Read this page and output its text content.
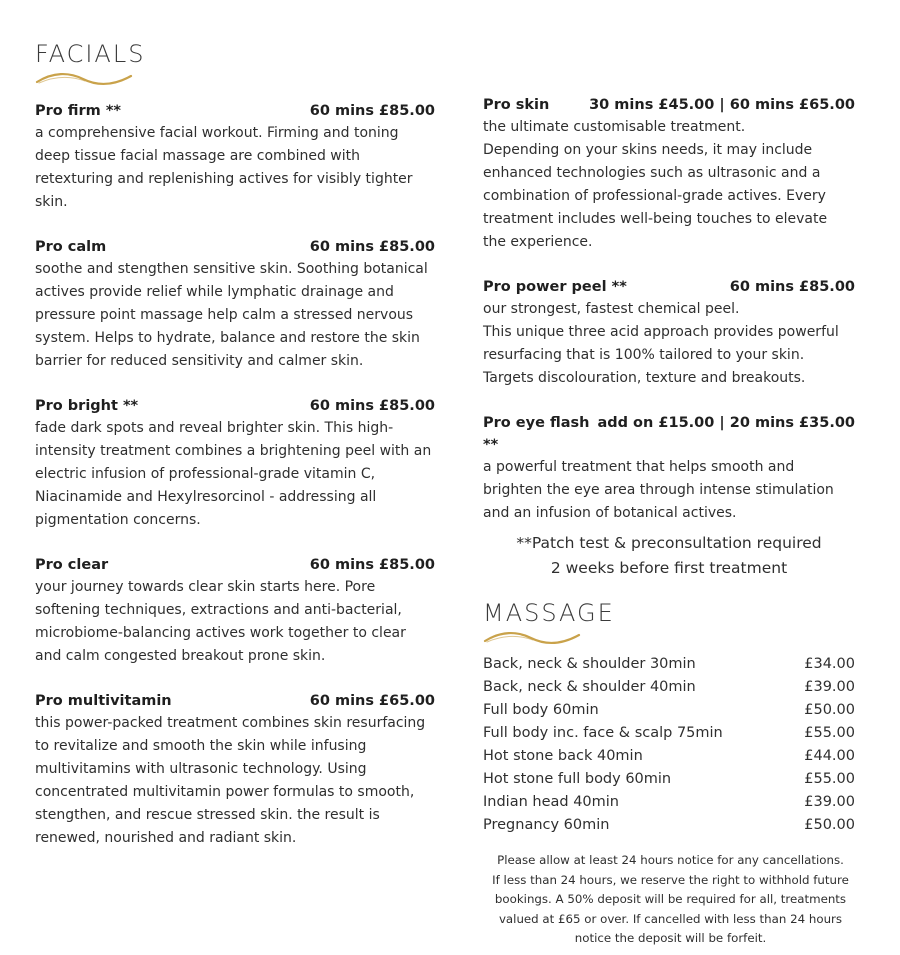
FACIALS
Pro firm **	60 mins £85.00

a comprehensive facial workout. Firming and toning deep tissue facial massage are combined with retexturing and replenishing actives for visibly tighter skin.

Pro calm	60 mins £85.00

soothe and stengthen sensitive skin. Soothing botanical actives provide relief while lymphatic drainage and pressure point massage help calm a stressed nervous system. Helps to hydrate, balance and restore the skin barrier for reduced sensitivity and calmer skin.

Pro bright **	60 mins £85.00

fade dark spots and reveal brighter skin. This high-intensity treatment combines a brightening peel with an electric infusion of professional-grade vitamin C, Niacinamide and Hexylresorcinol - addressing all pigmentation concerns.

Pro clear	60 mins £85.00

your journey towards clear skin starts here. Pore softening techniques, extractions and anti-bacterial, microbiome-balancing actives work together to clear and calm congested breakout prone skin.

Pro multivitamin	60 mins £65.00

this power-packed treatment combines skin resurfacing to revitalize and smooth the skin while infusing multivitamins with ultrasonic technology. Using concentrated multivitamin power formulas to smooth, stengthen, and rescue stressed skin. the result is renewed, nourished and radiant skin.

Pro skin	30 mins £45.00 | 60 mins £65.00

the ultimate customisable treatment.

Depending on your skins needs, it may include enhanced technologies such as ultrasonic and a combination of professional-grade actives. Every treatment includes well-being touches to elevate the experience.

Pro power peel **	60 mins £85.00

our strongest, fastest chemical peel.

This unique three acid approach provides powerful resurfacing that is 100% tailored to your skin.

Targets discolouration, texture and breakouts.

Pro eye flash **
add on £15.00 | 20 mins £35.00

a powerful treatment that helps smooth and brighten the eye area through intense stimulation and an infusion of botanical actives.

**Patch test & preconsultation required

2 weeks before first treatment

MASSAGE
Back, neck & shoulder 30min	£34.00
Back, neck & shoulder 40min	£39.00
Full body 60min	£50.00
Full body inc. face & scalp 75min	£55.00
Hot stone back 40min	£44.00
Hot stone full body 60min	£55.00
Indian head 40min	£39.00
Pregnancy 60min	£50.00

Please allow at least 24 hours notice for any cancellations.

If less than 24 hours, we reserve the right to withhold future

bookings. A 50% deposit will be required for all, treatments

valued at £65 or over. If cancelled with less than 24 hours

notice the deposit will be forfeit.
